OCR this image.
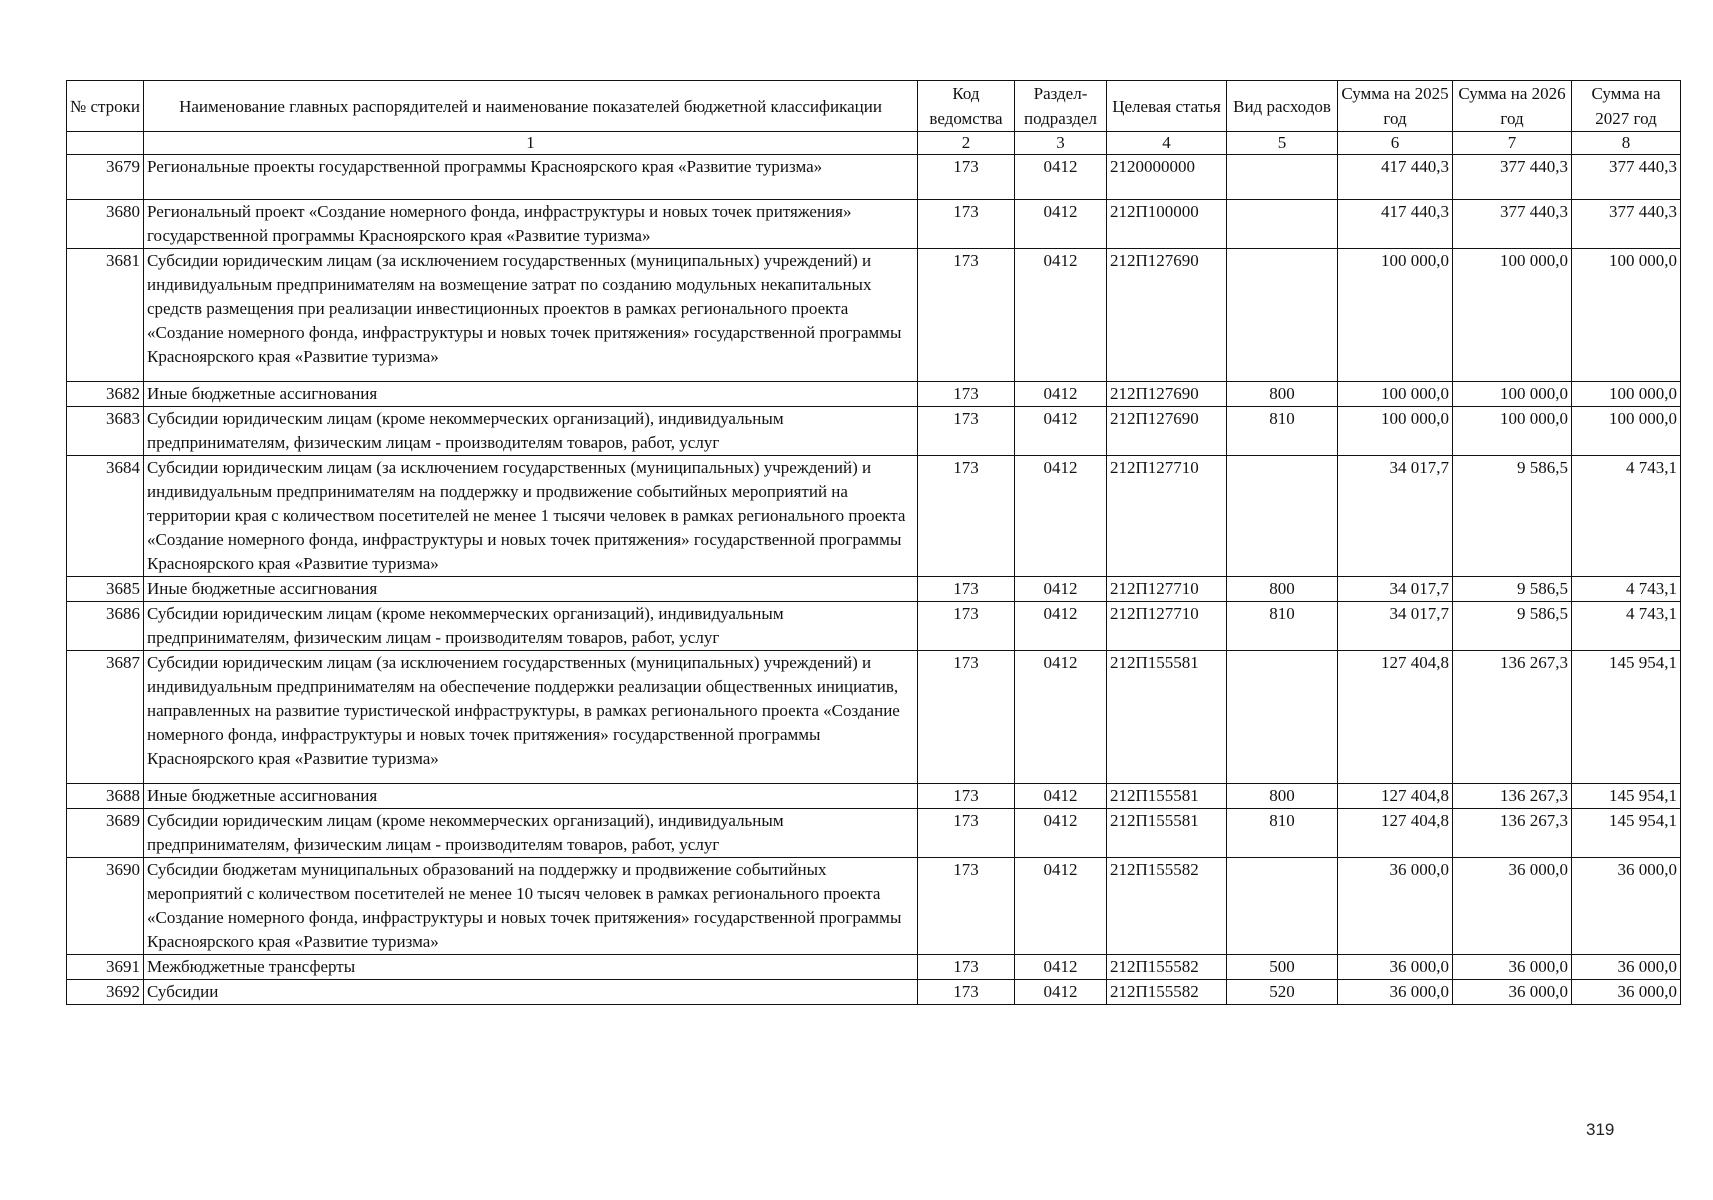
№ строки	Наименование главных распорядителей и наименование показателей бюджетной классификации	Код ведомства	Раздел-подраздел	Целевая статья	Вид расходов	Сумма на 2025 год	Сумма на 2026 год	Сумма на 2027 год
	1	2	3	4	5	6	7	8
3679	Региональные проекты государственной программы Красноярского края «Развитие туризма»	173	0412	2120000000		417 440,3	377 440,3	377 440,3
3680	Региональный проект «Создание номерного фонда, инфраструктуры и новых точек притяжения» государственной программы Красноярского края «Развитие туризма»	173	0412	212П100000		417 440,3	377 440,3	377 440,3
3681	Субсидии юридическим лицам (за исключением государственных (муниципальных) учреждений) и индивидуальным предпринимателям на возмещение затрат по созданию модульных некапитальных средств размещения при реализации инвестиционных проектов в рамках регионального проекта «Создание номерного фонда, инфраструктуры и новых точек притяжения» государственной программы Красноярского края «Развитие туризма»	173	0412	212П127690		100 000,0	100 000,0	100 000,0
3682	Иные бюджетные ассигнования	173	0412	212П127690	800	100 000,0	100 000,0	100 000,0
3683	Субсидии юридическим лицам (кроме некоммерческих организаций), индивидуальным предпринимателям, физическим лицам - производителям товаров, работ, услуг	173	0412	212П127690	810	100 000,0	100 000,0	100 000,0
3684	Субсидии юридическим лицам (за исключением государственных (муниципальных) учреждений) и индивидуальным предпринимателям на поддержку и продвижение событийных мероприятий на территории края с количеством посетителей не менее 1 тысячи человек в рамках регионального проекта «Создание номерного фонда, инфраструктуры и новых точек притяжения» государственной программы Красноярского края «Развитие туризма»	173	0412	212П127710		34 017,7	9 586,5	4 743,1
3685	Иные бюджетные ассигнования	173	0412	212П127710	800	34 017,7	9 586,5	4 743,1
3686	Субсидии юридическим лицам (кроме некоммерческих организаций), индивидуальным предпринимателям, физическим лицам - производителям товаров, работ, услуг	173	0412	212П127710	810	34 017,7	9 586,5	4 743,1
3687	Субсидии юридическим лицам (за исключением государственных (муниципальных) учреждений) и индивидуальным предпринимателям на обеспечение поддержки реализации общественных инициатив, направленных на развитие туристической инфраструктуры, в рамках регионального проекта «Создание номерного фонда, инфраструктуры и новых точек притяжения» государственной программы Красноярского края «Развитие туризма»	173	0412	212П155581		127 404,8	136 267,3	145 954,1
3688	Иные бюджетные ассигнования	173	0412	212П155581	800	127 404,8	136 267,3	145 954,1
3689	Субсидии юридическим лицам (кроме некоммерческих организаций), индивидуальным предпринимателям, физическим лицам - производителям товаров, работ, услуг	173	0412	212П155581	810	127 404,8	136 267,3	145 954,1
3690	Субсидии бюджетам муниципальных образований на поддержку и продвижение событийных мероприятий с количеством посетителей не менее 10 тысяч человек в рамках регионального проекта «Создание номерного фонда, инфраструктуры и новых точек притяжения» государственной программы Красноярского края «Развитие туризма»	173	0412	212П155582		36 000,0	36 000,0	36 000,0
3691	Межбюджетные трансферты	173	0412	212П155582	500	36 000,0	36 000,0	36 000,0
3692	Субсидии	173	0412	212П155582	520	36 000,0	36 000,0	36 000,0
319
